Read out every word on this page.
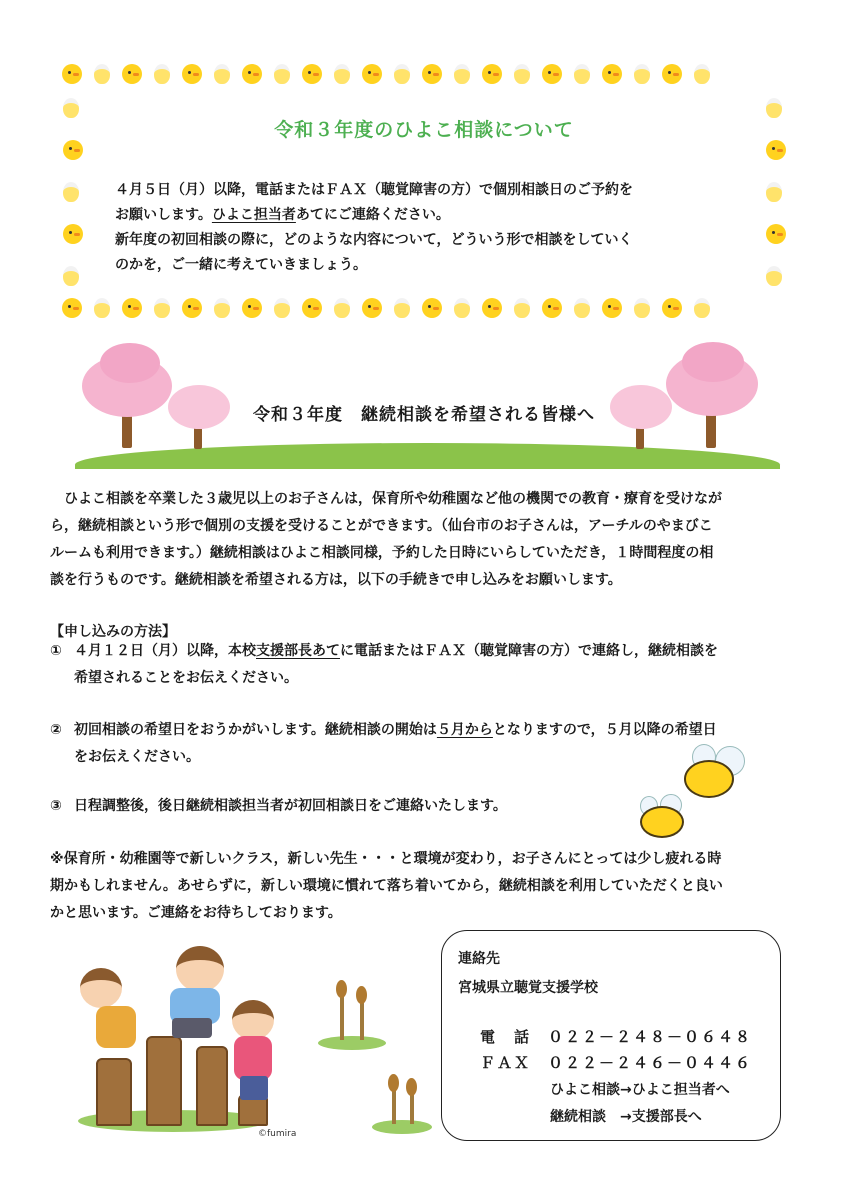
令和３年度のひよこ相談について
４月５日（月）以降，電話またはＦＡＸ（聴覚障害の方）で個別相談日のご予約を
お願いします。ひよこ担当者あてにご連絡ください。
新年度の初回相談の際に，どのような内容について，どういう形で相談をしていく
のかを，ご一緒に考えていきましょう。
令和３年度　継続相談を希望される皆様へ
ひよこ相談を卒業した３歳児以上のお子さんは，保育所や幼稚園など他の機関での教育・療育を受けなが
ら，継続相談という形で個別の支援を受けることができます。（仙台市のお子さんは，アーチルのやまびこ
ルームも利用できます。）継続相談はひよこ相談同様，予約した日時にいらしていただき，１時間程度の相
談を行うものです。継続相談を希望される方は，以下の手続きで申し込みをお願いします。
【申し込みの方法】
① ４月１２日（月）以降，本校支援部長あてに電話またはＦＡＸ（聴覚障害の方）で連絡し，継続相談を
希望されることをお伝えください。
② 初回相談の希望日をおうかがいします。継続相談の開始は５月からとなりますので，５月以降の希望日
をお伝えください。
③ 日程調整後，後日継続相談担当者が初回相談日をご連絡いたします。
※保育所・幼稚園等で新しいクラス，新しい先生・・・と環境が変わり，お子さんにとっては少し疲れる時
期かもしれません。あせらずに，新しい環境に慣れて落ち着いてから，継続相談を利用していただくと良い
かと思います。ご連絡をお待ちしております。
©fumira
連絡先
宮城県立聴覚支援学校
電　話　 ０２２－２４８－０６４８
ＦＡＸ　 ０２２－２４６－０４４６
ひよこ相談→ひよこ担当者へ
継続相談　→支援部長へ
